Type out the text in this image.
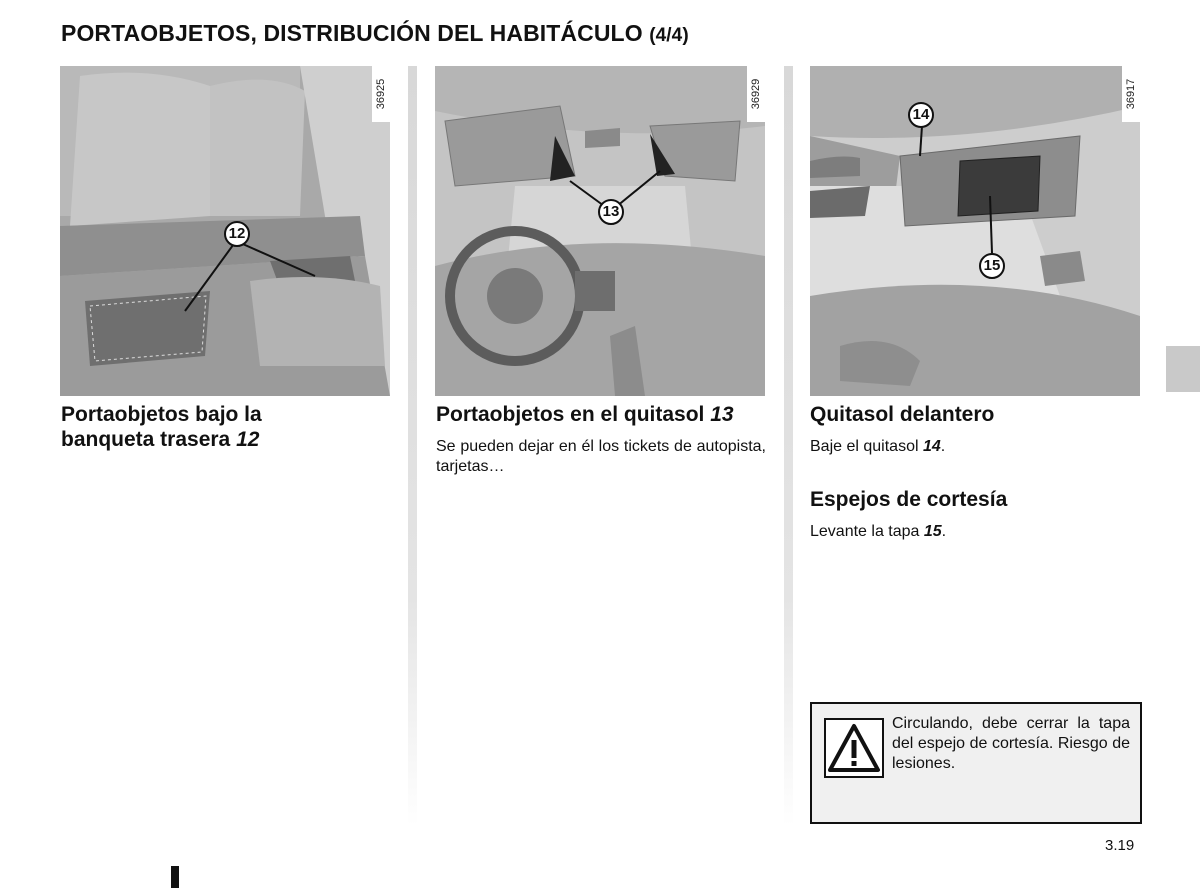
PORTAOBJETOS, DISTRIBUCIÓN DEL HABITÁCULO (4/4)
36925
12
36929
13
36917
14
15
Portaobjetos bajo la
banqueta trasera 12
Portaobjetos en el quitasol 13
Se pueden dejar en él los tickets de autopista, tarjetas…
Quitasol delantero
Baje el quitasol 14.
Espejos de cortesía
Levante la tapa 15.
Circulando, debe cerrar la tapa del espejo de cortesía. Riesgo de lesiones.
3.19
